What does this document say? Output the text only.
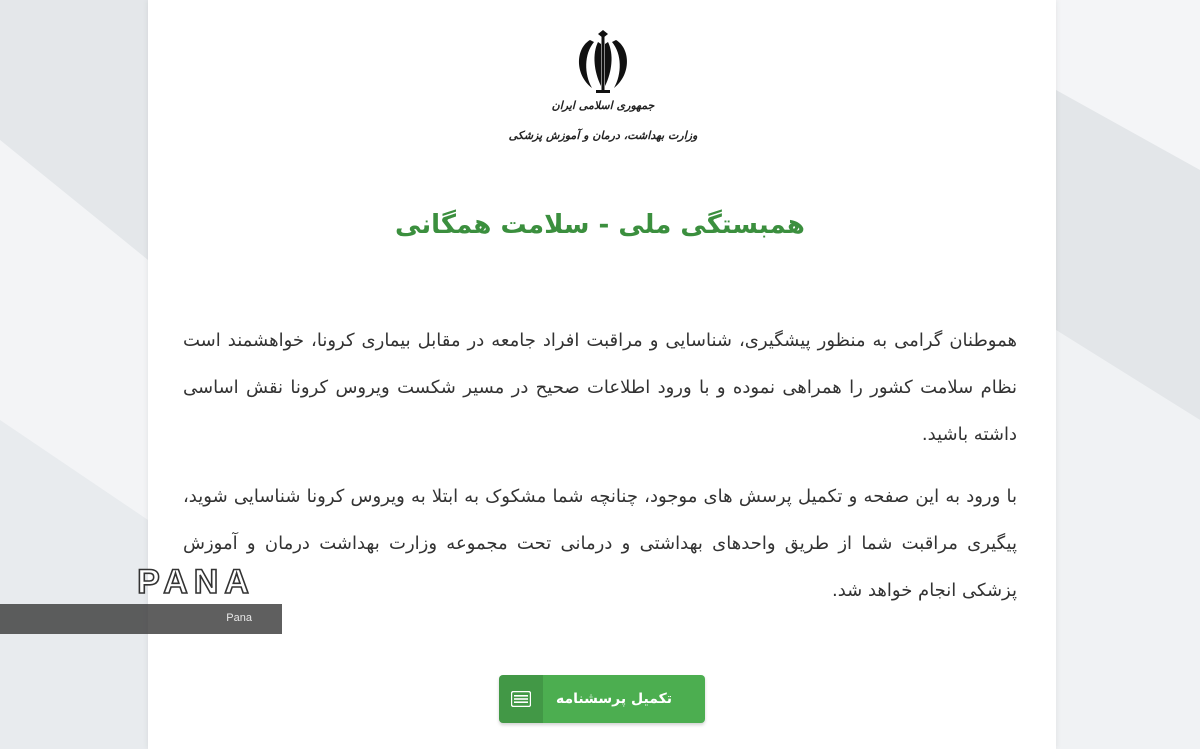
جمهوری اسلامی ایران
وزارت بهداشت، درمان و آموزش پزشکی
همبستگی ملی - سلامت همگانی

هموطنان گرامی به منظور پیشگیری، شناسایی و مراقبت افراد جامعه در مقابل بیماری کرونا، خواهشمند است نظام سلامت کشور را همراهی نموده و با ورود اطلاعات صحیح در مسیر شکست ویروس کرونا نقش اساسی داشته باشید.

با ورود به این صفحه و تکمیل پرسش های موجود، چنانچه شما مشکوک به ابتلا به ویروس کرونا شناسایی شوید، پیگیری مراقبت شما از طریق واحدهای بهداشتی و درمانی تحت مجموعه وزارت بهداشت درمان و آموزش پزشکی انجام خواهد شد.

تکمیل پرسشنامه
PANA
Pana
